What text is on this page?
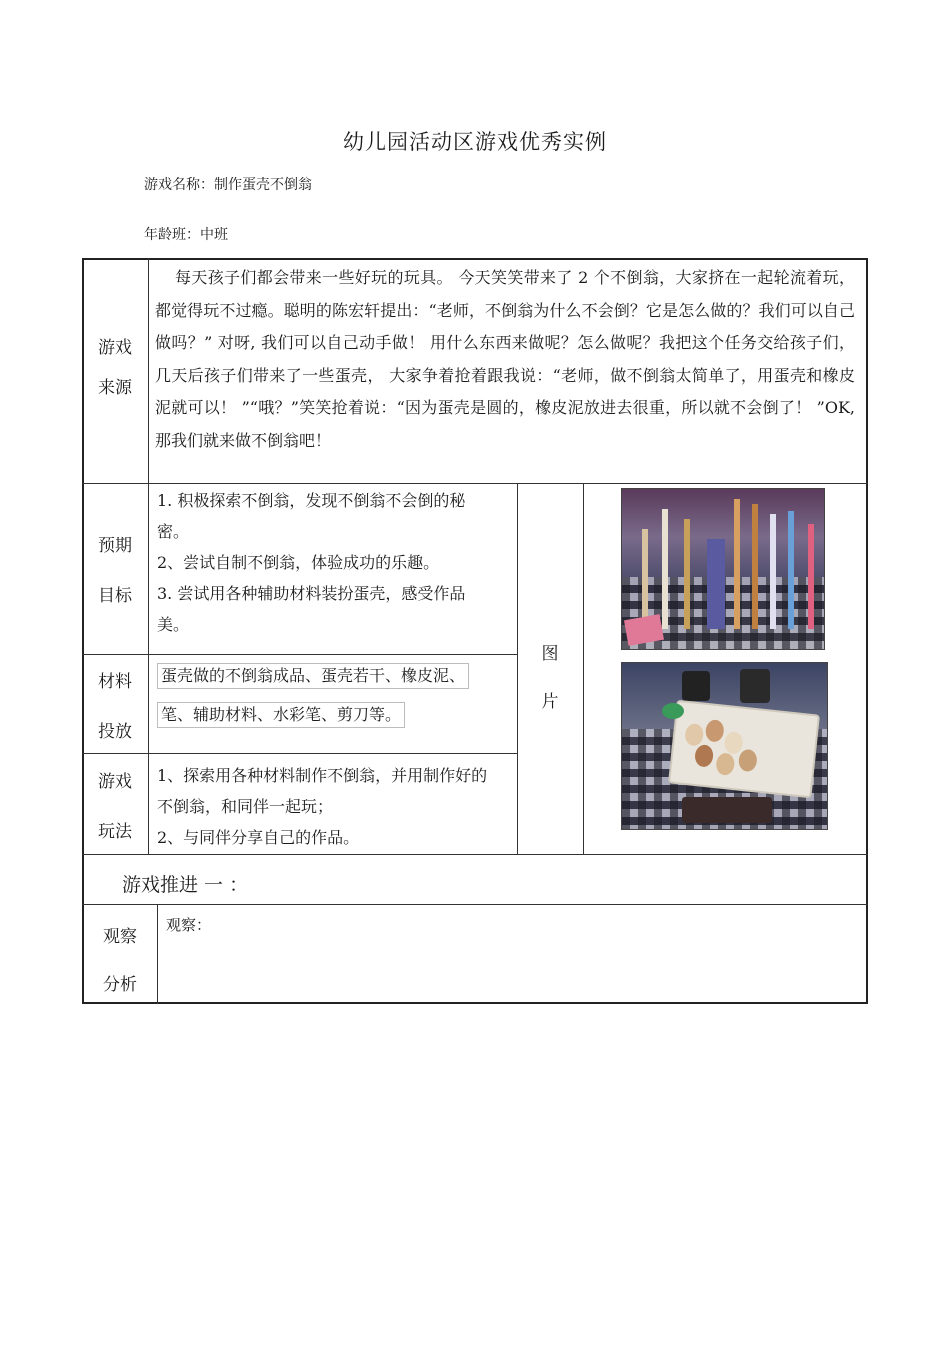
幼儿园活动区游戏优秀实例
游戏名称：制作蛋壳不倒翁
年龄班：中班
游戏
来源
每天孩子们都会带来一些好玩的玩具。 今天笑笑带来了 2 个不倒翁，大家挤在一起轮流着玩，都觉得玩不过瘾。聪明的陈宏轩提出：“老师，不倒翁为什么不会倒？它是怎么做的？我们可以自己做吗？” 对呀, 我们可以自己动手做！ 用什么东西来做呢？怎么做呢？我把这个任务交给孩子们， 几天后孩子们带来了一些蛋壳， 大家争着抢着跟我说：“老师，做不倒翁太简单了，用蛋壳和橡皮泥就可以！ ”“哦？”笑笑抢着说：“因为蛋壳是圆的，橡皮泥放进去很重，所以就不会倒了！ ”OK, 那我们就来做不倒翁吧！
预期
目标
1. 积极探索不倒翁，发现不倒翁不会倒的秘密。
2、尝试自制不倒翁，体验成功的乐趣。
3. 尝试用各种辅助材料装扮蛋壳，感受作品美。
材料
投放
蛋壳做的不倒翁成品、蛋壳若干、橡皮泥、
笔、辅助材料、水彩笔、剪刀等。
游戏
玩法
1、探索用各种材料制作不倒翁，并用制作好的不倒翁，和同伴一起玩；
2、与同伴分享自己的作品。
图
片
游戏推进 一 ：
观察
分析
观察：
